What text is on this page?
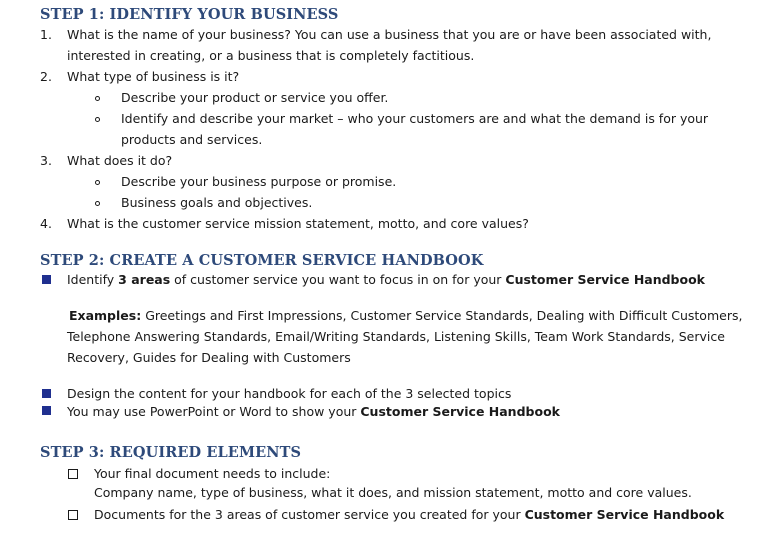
STEP 1: IDENTIFY YOUR BUSINESS
1.	What is the name of your business? You can use a business that you are or have been associated with,
interested in creating, or a business that is completely factitious.
2.	What type of business is it?
Describe your product or service you offer.
Identify and describe your market – who your customers are and what the demand is for your
products and services.
3.	What does it do?
Describe your business purpose or promise.
Business goals and objectives.
4.	What is the customer service mission statement, motto, and core values?
STEP 2: CREATE A CUSTOMER SERVICE HANDBOOK
Identify 3 areas of customer service you want to focus in on for your Customer Service Handbook
Examples: Greetings and First Impressions, Customer Service Standards, Dealing with Difficult Customers,
Telephone Answering Standards, Email/Writing Standards, Listening Skills, Team Work Standards, Service
Recovery, Guides for Dealing with Customers
Design the content for your handbook for each of the 3 selected topics
You may use PowerPoint or Word to show your Customer Service Handbook
STEP 3: REQUIRED ELEMENTS
Your final document needs to include:
Company name, type of business, what it does, and mission statement, motto and core values.
Documents for the 3 areas of customer service you created for your Customer Service Handbook
